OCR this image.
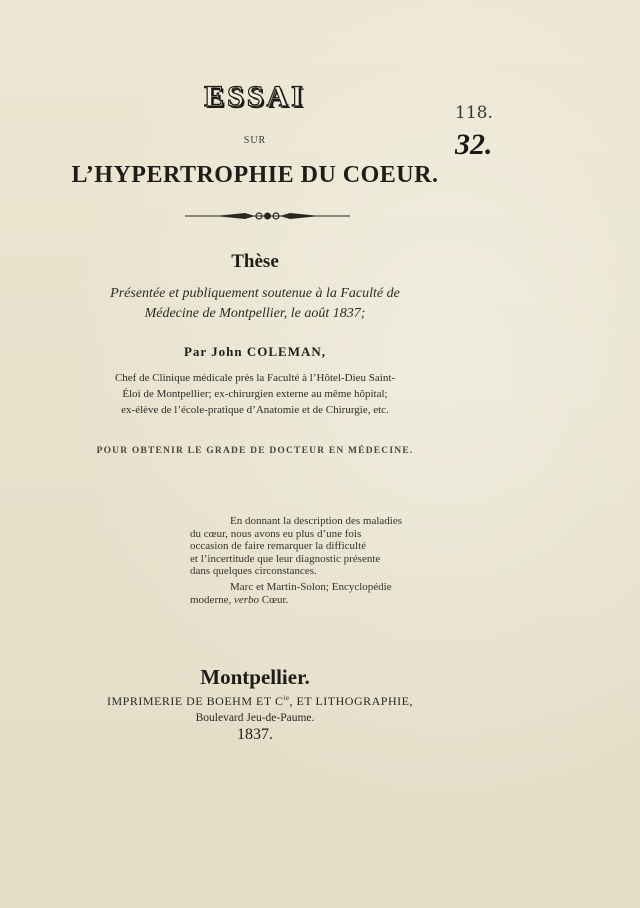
ESSAI
SUR
L’HYPERTROPHIE DU COEUR.
Thèse
Présentée et publiquement soutenue à la Faculté de
Médecine de Montpellier, le août 1837;
Par John COLEMAN,
Chef de Clinique médicale près la Faculté à l’Hôtel-Dieu Saint-
Éloi de Montpellier; ex-chirurgien externe au même hôpital;
ex-élève de l’école-pratique d’Anatomie et de Chirurgie, etc.
POUR OBTENIR LE GRADE DE DOCTEUR EN MÉDECINE.
En donnant la description des maladies
du cœur, nous avons eu plus d’une fois
occasion de faire remarquer la difficulté
et l’incertitude que leur diagnostic présente
dans quelques circonstances.
Marc et Martin-Solon; Encyclopédie
moderne, verbo Cœur.
Montpellier.
IMPRIMERIE DE BOEHM ET $C^{ie}$, ET LITHOGRAPHIE,
Boulevard Jeu-de-Paume.
1837.
118.
32.
